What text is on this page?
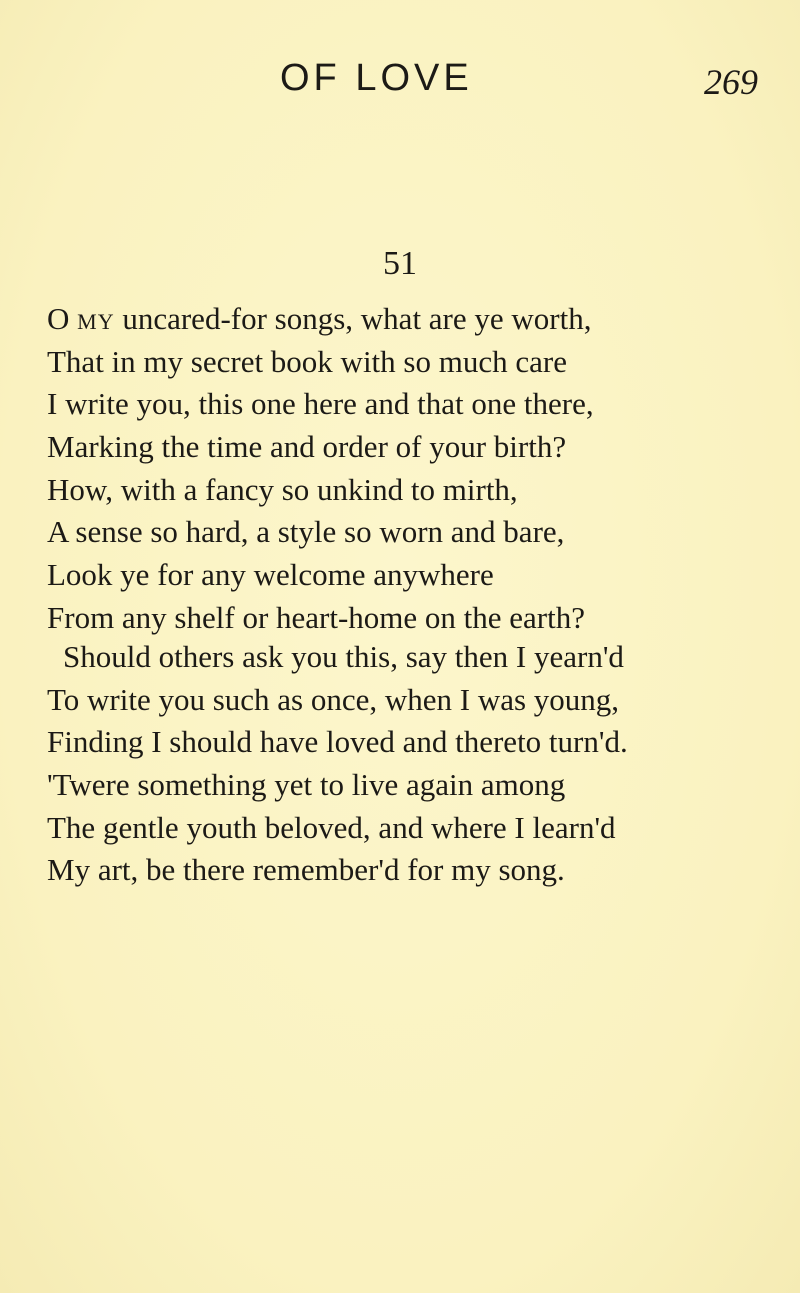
OF LOVE	269
51
O my uncared-for songs, what are ye worth,
That in my secret book with so much care
I write you, this one here and that one there,
Marking the time and order of your birth?
How, with a fancy so unkind to mirth,
A sense so hard, a style so worn and bare,
Look ye for any welcome anywhere
From any shelf or heart-home on the earth?
Should others ask you this, say then I yearn'd
To write you such as once, when I was young,
Finding I should have loved and thereto turn'd.
'Twere something yet to live again among
The gentle youth beloved, and where I learn'd
My art, be there remember'd for my song.
